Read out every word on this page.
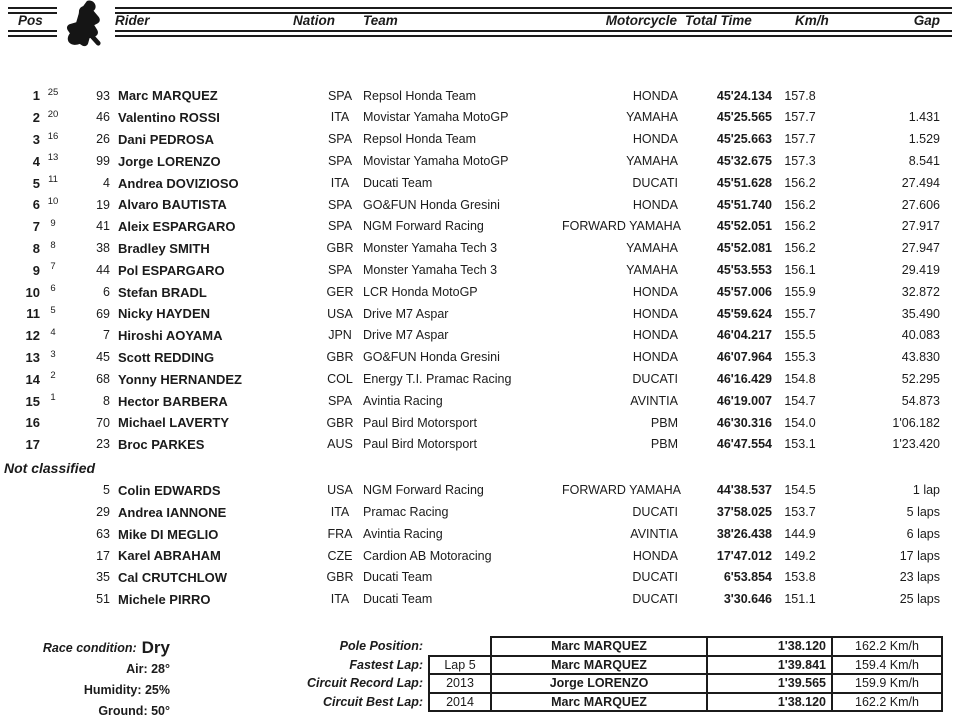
Pos	Rider	Nation Team	Motorcycle Total Time	Km/h	Gap
1 25	93 Marc MARQUEZ	SPA Repsol Honda Team	HONDA	45'24.134 157.8
2 20	46 Valentino ROSSI	ITA	Movistar Yamaha MotoGP	YAMAHA	45'25.565 157.7	1.431
3 16	26 Dani PEDROSA	SPA Repsol Honda Team	HONDA	45'25.663 157.7	1.529
4 13	99 Jorge LORENZO	SPA Movistar Yamaha MotoGP	YAMAHA	45'32.675 157.3	8.541
5 11	4 Andrea DOVIZIOSO	ITA	Ducati Team	DUCATI	45'51.628 156.2	27.494
6 10	19 Alvaro BAUTISTA	SPA GO&FUN Honda Gresini	HONDA	45'51.740 156.2	27.606
7	9	41 Aleix ESPARGARO	SPA NGM Forward Racing	FORWARD YAMAHA	45'52.051 156.2	27.917
8	8	38 Bradley SMITH	GBR Monster Yamaha Tech 3	YAMAHA	45'52.081 156.2	27.947
9	7	44 Pol ESPARGARO	SPA Monster Yamaha Tech 3	YAMAHA	45'53.553 156.1	29.419
10	6	6 Stefan BRADL	GER LCR Honda MotoGP	HONDA	45'57.006 155.9	32.872
11	5	69 Nicky HAYDEN	USA Drive M7 Aspar	HONDA	45'59.624 155.7	35.490
12	4	7 Hiroshi AOYAMA	JPN Drive M7 Aspar	HONDA	46'04.217 155.5	40.083
13	3	45 Scott REDDING	GBR GO&FUN Honda Gresini	HONDA	46'07.964 155.3	43.830
14	2	68 Yonny HERNANDEZ	COL Energy T.I. Pramac Racing	DUCATI	46'16.429 154.8	52.295
15	1	8 Hector BARBERA	SPA Avintia Racing	AVINTIA	46'19.007 154.7	54.873
16	70 Michael LAVERTY	GBR Paul Bird Motorsport	PBM	46'30.316 154.0	1'06.182
17	23 Broc PARKES	AUS Paul Bird Motorsport	PBM	46'47.554 153.1	1'23.420
Not classified
5 Colin EDWARDS	USA NGM Forward Racing	FORWARD YAMAHA	44'38.537 154.5	1 lap
29 Andrea IANNONE	ITA	Pramac Racing	DUCATI	37'58.025 153.7	5 laps
63 Mike DI MEGLIO	FRA Avintia Racing	AVINTIA	38'26.438 144.9	6 laps
17 Karel ABRAHAM	CZE Cardion AB Motoracing	HONDA	17'47.012 149.2	17 laps
35 Cal CRUTCHLOW	GBR Ducati Team	DUCATI	6'53.854 153.8	23 laps
51 Michele PIRRO	ITA	Ducati Team	DUCATI	3'30.646 151.1	25 laps
Race condition: Dry
Air: 28°
Humidity: 25%
Ground: 50°
Pole Position:	Marc MARQUEZ	1'38.120	162.2 Km/h
Fastest Lap:	Lap 5	Marc MARQUEZ	1'39.841	159.4 Km/h
Circuit Record Lap:	2013	Jorge LORENZO	1'39.565	159.9 Km/h
Circuit Best Lap:	2014	Marc MARQUEZ	1'38.120	162.2 Km/h
